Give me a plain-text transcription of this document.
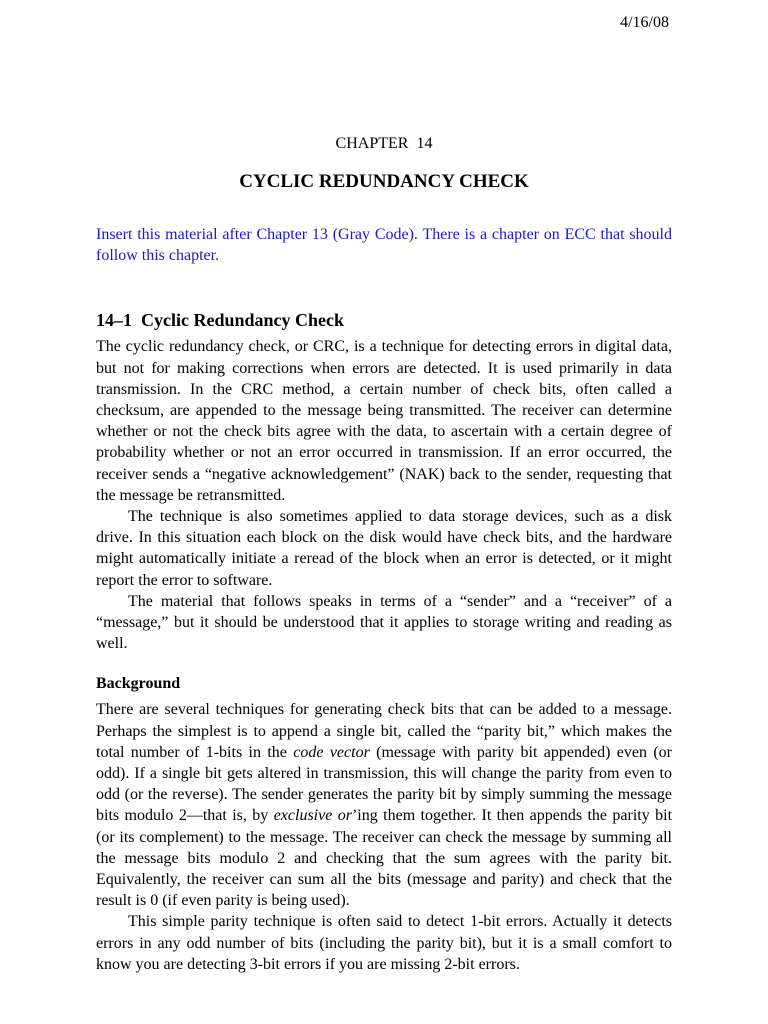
4/16/08
CHAPTER  14
CYCLIC REDUNDANCY CHECK

Insert this material after Chapter 13 (Gray Code). There is a chapter on ECC that should follow this chapter.

14–1  Cyclic Redundancy Check

The cyclic redundancy check, or CRC, is a technique for detecting errors in digital data, but not for making corrections when errors are detected. It is used primarily in data transmission. In the CRC method, a certain number of check bits, often called a checksum, are appended to the message being transmitted. The receiver can determine whether or not the check bits agree with the data, to ascertain with a certain degree of probability whether or not an error occurred in transmission. If an error occurred, the receiver sends a “negative acknowledgement” (NAK) back to the sender, requesting that the message be retransmitted.

The technique is also sometimes applied to data storage devices, such as a disk drive. In this situation each block on the disk would have check bits, and the hardware might automatically initiate a reread of the block when an error is detected, or it might report the error to software.

The material that follows speaks in terms of a “sender” and a “receiver” of a “message,” but it should be understood that it applies to storage writing and reading as well.

Background

There are several techniques for generating check bits that can be added to a message. Perhaps the simplest is to append a single bit, called the “parity bit,” which makes the total number of 1-bits in the code vector (message with parity bit appended) even (or odd). If a single bit gets altered in transmission, this will change the parity from even to odd (or the reverse). The sender generates the parity bit by simply summing the message bits modulo 2—that is, by exclusive or’ing them together. It then appends the parity bit (or its complement) to the message. The receiver can check the message by summing all the message bits modulo 2 and checking that the sum agrees with the parity bit. Equivalently, the receiver can sum all the bits (message and parity) and check that the result is 0 (if even parity is being used).

This simple parity technique is often said to detect 1-bit errors. Actually it detects errors in any odd number of bits (including the parity bit), but it is a small comfort to know you are detecting 3-bit errors if you are missing 2-bit errors.
